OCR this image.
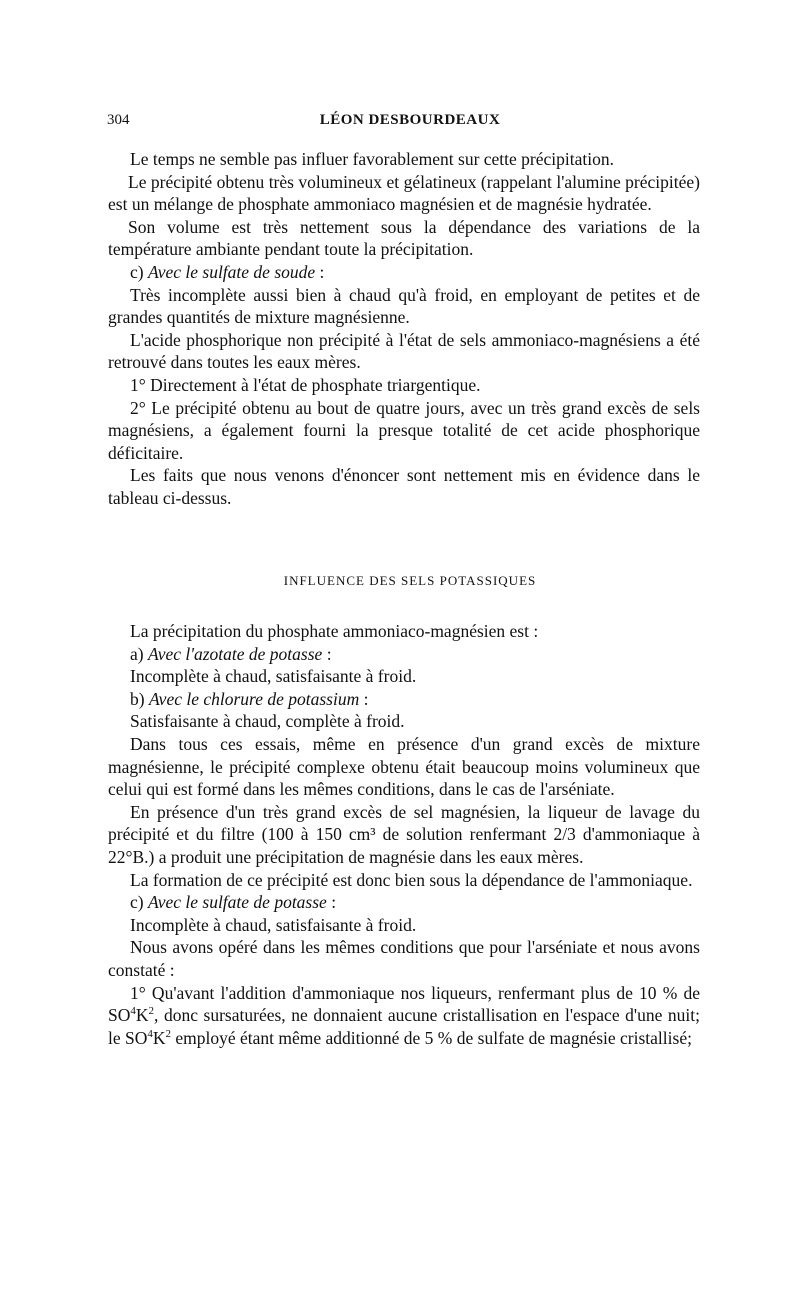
304	LÉON DESBOURDEAUX

Le temps ne semble pas influer favorablement sur cette précipitation.

Le précipité obtenu très volumineux et gélatineux (rappelant l'alumine précipitée) est un mélange de phosphate ammoniaco magnésien et de magnésie hydratée.

Son volume est très nettement sous la dépendance des variations de la température ambiante pendant toute la précipitation.

c) Avec le sulfate de soude :

Très incomplète aussi bien à chaud qu'à froid, en employant de petites et de grandes quantités de mixture magnésienne.

L'acide phosphorique non précipité à l'état de sels ammoniaco-magnésiens a été retrouvé dans toutes les eaux mères.

1° Directement à l'état de phosphate triargentique.

2° Le précipité obtenu au bout de quatre jours, avec un très grand excès de sels magnésiens, a également fourni la presque totalité de cet acide phosphorique déficitaire.

Les faits que nous venons d'énoncer sont nettement mis en évidence dans le tableau ci-dessus.

INFLUENCE DES SELS POTASSIQUES

La précipitation du phosphate ammoniaco-magnésien est :

a) Avec l'azotate de potasse :

Incomplète à chaud, satisfaisante à froid.

b) Avec le chlorure de potassium :

Satisfaisante à chaud, complète à froid.

Dans tous ces essais, même en présence d'un grand excès de mixture magnésienne, le précipité complexe obtenu était beaucoup moins volumineux que celui qui est formé dans les mêmes conditions, dans le cas de l'arséniate.

En présence d'un très grand excès de sel magnésien, la liqueur de lavage du précipité et du filtre (100 à 150 cm³ de solution renfermant 2/3 d'ammoniaque à 22°B.) a produit une précipitation de magnésie dans les eaux mères.

La formation de ce précipité est donc bien sous la dépendance de l'ammoniaque.

c) Avec le sulfate de potasse :

Incomplète à chaud, satisfaisante à froid.

Nous avons opéré dans les mêmes conditions que pour l'arséniate et nous avons constaté :

1° Qu'avant l'addition d'ammoniaque nos liqueurs, renfermant plus de 10 % de $SO^4K^2$, donc sursaturées, ne donnaient aucune cristallisation en l'espace d'une nuit; le $SO^4K^2$ employé étant même additionné de 5 % de sulfate de magnésie cristallisé;
